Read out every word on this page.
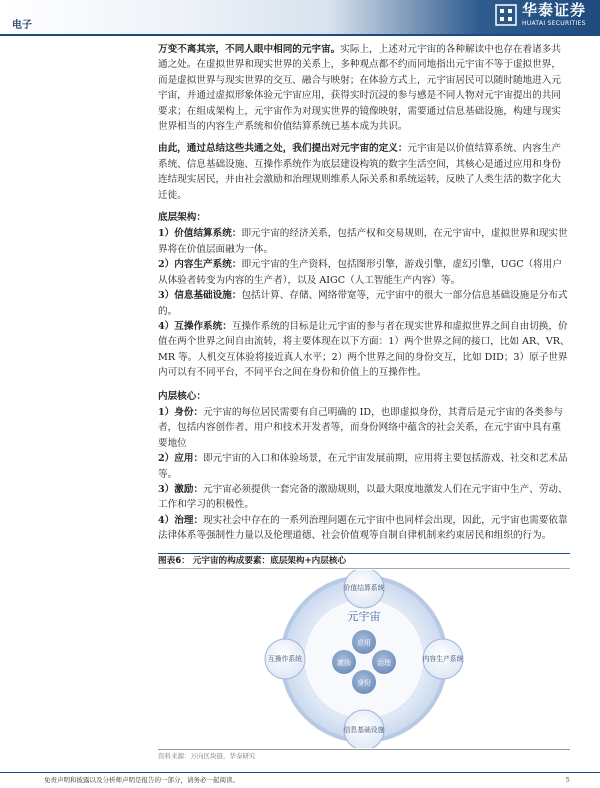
电子
华泰证券
HUATAI SECURITIES

万变不离其宗，不同人眼中相同的元宇宙。实际上，上述对元宇宙的各种解读中也存在着诸多共通之处。在虚拟世界和现实世界的关系上，多种观点都不约而同地指出元宇宙不等于虚拟世界，而是虚拟世界与现实世界的交互、融合与映射；在体验方式上，元宇宙居民可以随时随地进入元宇宙，并通过虚拟形象体验元宇宙应用，获得实时沉浸的参与感是不同人物对元宇宙提出的共同要求；在组成架构上，元宇宙作为对现实世界的镜像映射，需要通过信息基础设施，构建与现实世界相当的内容生产系统和价值结算系统已基本成为共识。

由此，通过总结这些共通之处，我们提出对元宇宙的定义：元宇宙是以价值结算系统、内容生产系统、信息基础设施、互操作系统作为底层建设构筑的数字生活空间，其核心是通过应用和身份连结现实居民，并由社会激励和治理规则维系人际关系和系统运转，反映了人类生活的数字化大迁徙。

底层架构：
1）价值结算系统：即元宇宙的经济关系，包括产权和交易规则，在元宇宙中，虚拟世界和现实世界将在价值层面融为一体。
2）内容生产系统：即元宇宙的生产资料，包括图形引擎，游戏引擎，虚幻引擎，UGC（将用户从体验者转变为内容的生产者），以及 AIGC（人工智能生产内容）等。
3）信息基础设施：包括计算、存储、网络带宽等，元宇宙中的很大一部分信息基础设施是分布式的。
4）互操作系统：互操作系统的目标是让元宇宙的参与者在现实世界和虚拟世界之间自由切换，价值在两个世界之间自由流转，将主要体现在以下方面：1）两个世界之间的接口，比如 AR、VR、MR 等。人机交互体验将接近真人水平；2）两个世界之间的身份交互，比如 DID；3）原子世界内可以有不同平台，不同平台之间在身份和价值上的互操作性。
内层核心：
1）身份：元宇宙的每位居民需要有自己明确的 ID，也即虚拟身份，其背后是元宇宙的各类参与者，包括内容创作者、用户和技术开发者等，而身份网络中蕴含的社会关系，在元宇宙中具有重要地位
2）应用：即元宇宙的入口和体验场景，在元宇宙发展前期，应用将主要包括游戏、社交和艺术品等。
3）激励：元宇宙必须提供一套完备的激励规则，以最大限度地激发人们在元宇宙中生产、劳动、工作和学习的积极性。
4）治理：现实社会中存在的一系列治理问题在元宇宙中也同样会出现，因此，元宇宙也需要依靠法律体系等强制性力量以及伦理道德、社会价值观等自制自律机制来约束居民和组织的行为。
图表6： 元宇宙的构成要素：底层架构+内层核心
元宇宙
价值结算系统
内容生产系统
信息基础设施
互操作系统
应用
治理
身份
激励
资料来源：万向区块链，华泰研究
免责声明和披露以及分析师声明是报告的一部分，请务必一起阅读。	5
